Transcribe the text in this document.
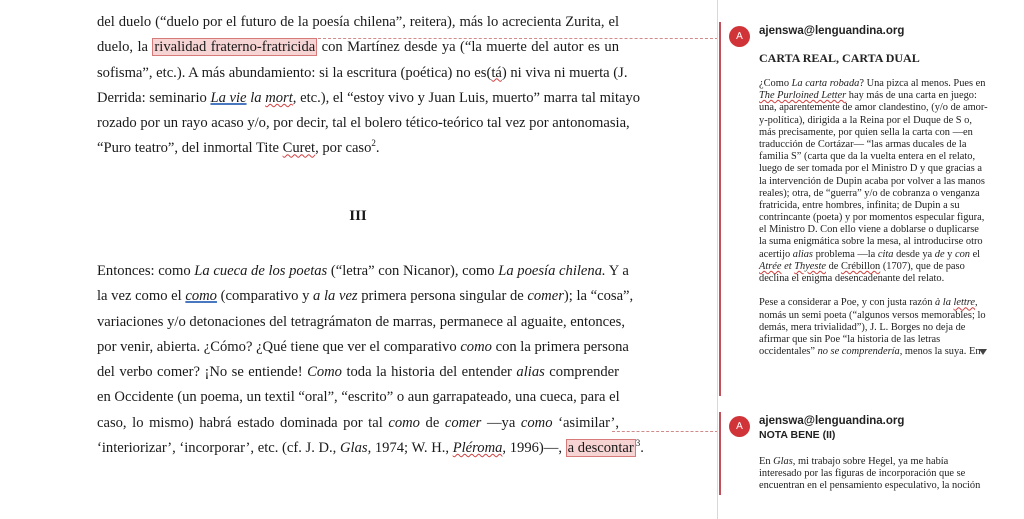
del duelo (“duelo por el futuro de la poesía chilena”, reitera), más lo acrecienta Zurita, el
duelo, la rivalidad fraterno-fratricida con Martínez desde ya (“la muerte del autor es un
sofisma”, etc.). A más abundamiento: si la escritura (poética) no es(tá) ni viva ni muerta (J.
Derrida: seminario La vie la mort, etc.), el “estoy vivo y Juan Luis, muerto” marra tal mitayo
rozado por un rayo acaso y/o, por decir, tal el bolero tético-teórico tal vez por antonomasia,
“Puro teatro”, del inmortal Tite Curet, por caso$^2$.
III
Entonces: como La cueca de los poetas (“letra” con Nicanor), como La poesía chilena. Y a
la vez como el como (comparativo y a la vez primera persona singular de comer); la “cosa”,
variaciones y/o detonaciones del tetragrámaton de marras, permanece al aguaite, entonces,
por venir, abierta. ¿Cómo? ¿Qué tiene que ver el comparativo como con la primera persona
del verbo comer? ¡No se entiende! Como toda la historia del entender alias comprender
en Occidente (un poema, un textil “oral”, “escrito” o aun garrapateado, una cueca, para el
caso, lo mismo) habrá estado dominada por tal como de comer —ya como ‘asimilar’,
‘interiorizar’, ‘incorporar’, etc. (cf. J. D., Glas, 1974; W. H., Pléroma, 1996)—, a descontar $^3$.
A	ajenswa@lenguandina.org
CARTA REAL, CARTA DUAL
¿Como La carta robada? Una pizca al menos. Pues en
The Purloined Letter hay más de una carta en juego:
una, aparentemente de amor clandestino, (y/o de amor-
y-política), dirigida a la Reina por el Duque de S o,
más precisamente, por quien sella la carta con —en
traducción de Cortázar— “las armas ducales de la
familia S” (carta que da la vuelta entera en el relato,
luego de ser tomada por el Ministro D y que gracias a
la intervención de Dupin acaba por volver a las manos
reales); otra, de “guerra” y/o de cobranza o venganza
fratricida, entre hombres, infinita; de Dupin a su
contrincante (poeta) y por momentos especular figura,
el Ministro D. Con ello viene a doblarse o duplicarse
la suma enigmática sobre la mesa, al introducirse otro
acertijo alias problema —la cita desde ya de y con el
Atrée et Thyeste de Crébillon (1707), que de paso
declina el enigma desencadenante del relato.
Pese a considerar a Poe, y con justa razón à la lettre,
nomás un semi poeta (“algunos versos memorables; lo
demás, mera trivialidad”), J. L. Borges no deja de
afirmar que sin Poe “la historia de las letras
occidentales” no se comprendería, menos la suya. En
A	ajenswa@lenguandina.org
NOTA BENE (II)
En Glas, mi trabajo sobre Hegel, ya me había
interesado por las figuras de incorporación que se
encuentran en el pensamiento especulativo, la noción
